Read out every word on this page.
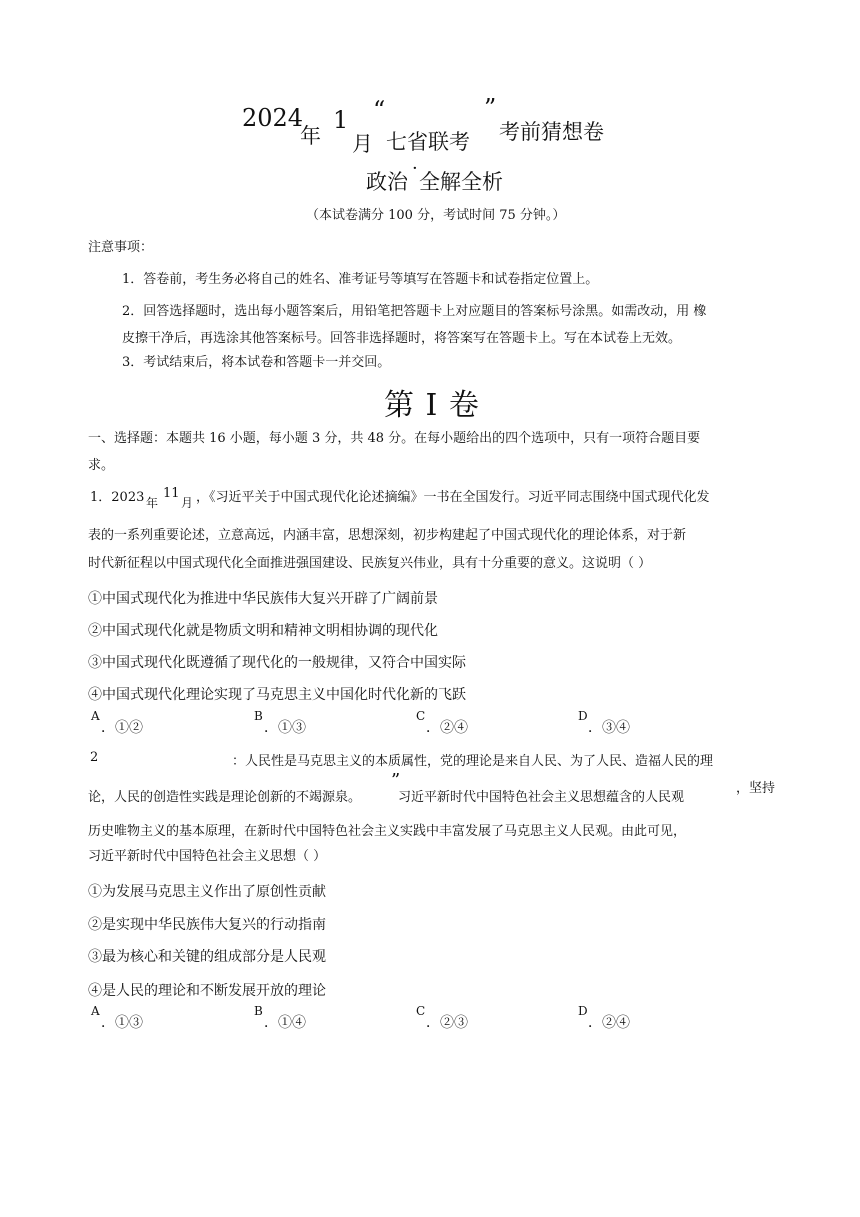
2024
年
1
月
“
七省联考
”
考前猜想卷
政治
·
全解全析
（本试卷满分 100 分，考试时间 75 分钟。）
注意事项：
1．答卷前，考生务必将自己的姓名、准考证号等填写在答题卡和试卷指定位置上。
2．回答选择题时，选出每小题答案后，用铅笔把答题卡上对应题目的答案标号涂黑。如需改动，用 橡
皮擦干净后，再选涂其他答案标号。回答非选择题时，将答案写在答题卡上。写在本试卷上无效。
3．考试结束后，将本试卷和答题卡一并交回。
第 I 卷
一、选择题：本题共 16 小题，每小题 3 分，共 48 分。在每小题给出的四个选项中，只有一项符合题目要
求。
1．2023 年
11
月 ，《习近平关于中国式现代化论述摘编》一书在全国发行。习近平同志围绕中国式现代化发
表的一系列重要论述，立意高远，内涵丰富，思想深刻，初步构建起了中国式现代化的理论体系，对于新
时代新征程以中国式现代化全面推进强国建设、民族复兴伟业，具有十分重要的意义。这说明（ ）
①中国式现代化为推进中华民族伟大复兴开辟了广阔前景
②中国式现代化就是物质文明和精神文明相协调的现代化
③中国式现代化既遵循了现代化的一般规律，又符合中国实际
④中国式现代化理论实现了马克思主义中国化时代化新的飞跃
A
．①②
B
．①③
C
．②④
D
．③④
2	：人民性是马克思主义的本质属性，党的理论是来自人民、为了人民、造福人民的理
论，人民的创造性实践是理论创新的不竭源泉。
”
习近平新时代中国特色社会主义思想蕴含的人民观
，坚持
历史唯物主义的基本原理，在新时代中国特色社会主义实践中丰富发展了马克思主义人民观。由此可见，
习近平新时代中国特色社会主义思想（ ）
①为发展马克思主义作出了原创性贡献
②是实现中华民族伟大复兴的行动指南
③最为核心和关键的组成部分是人民观
④是人民的理论和不断发展开放的理论
A
．①③
B
．①④
C
．②③
D
．②④
